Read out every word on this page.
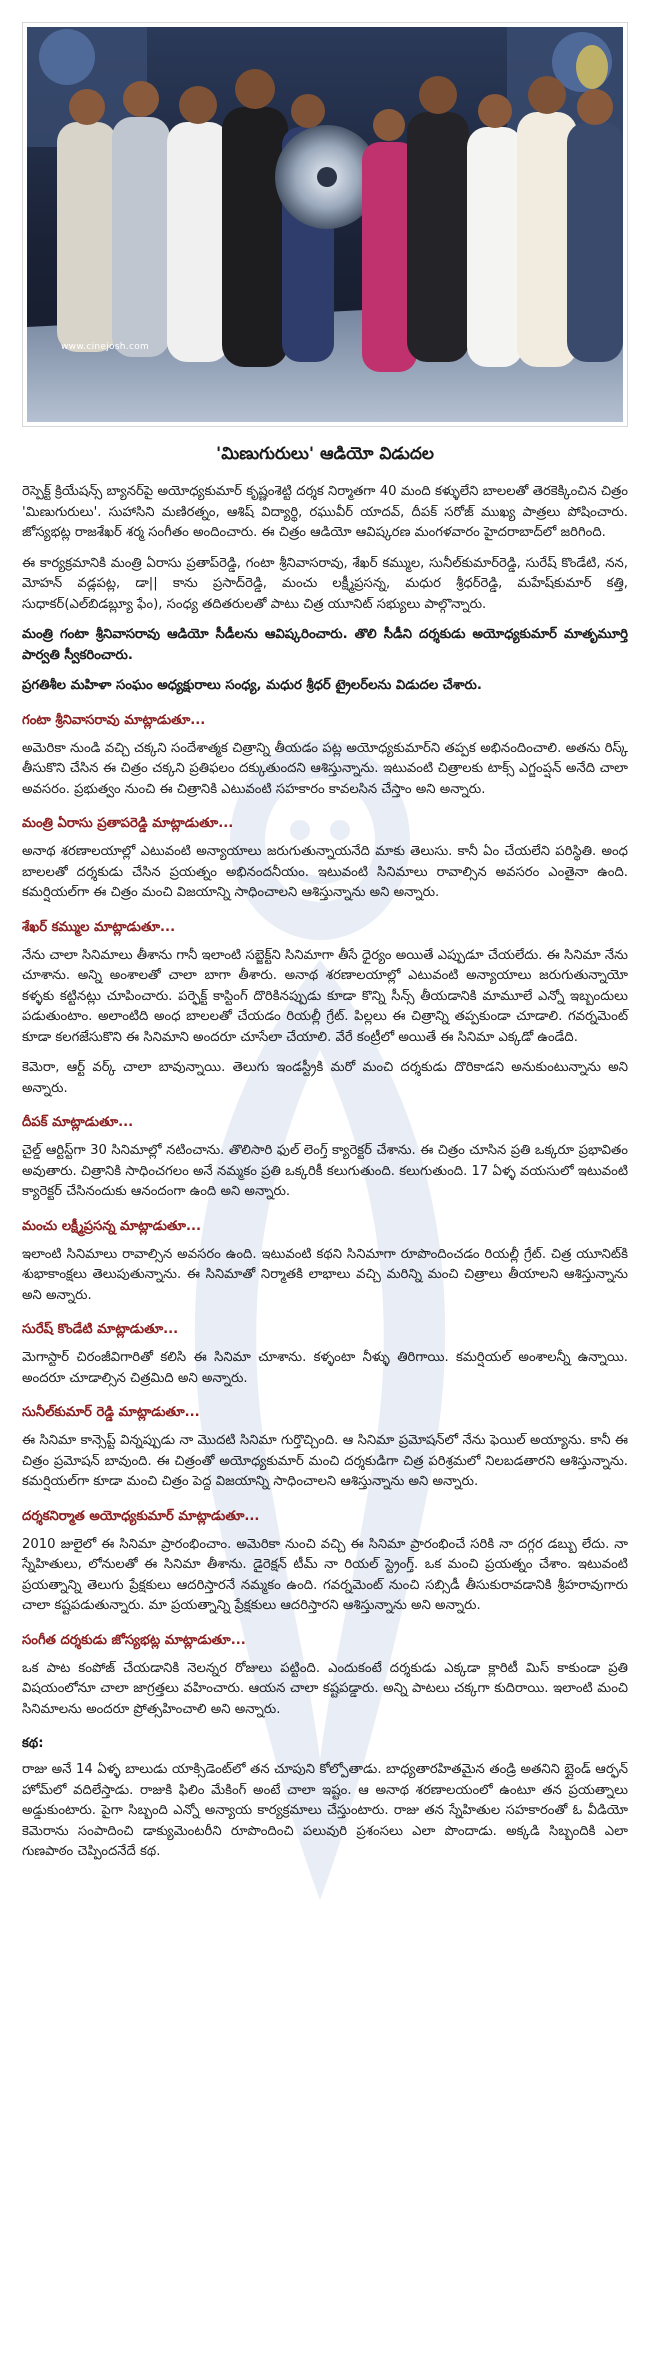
www.cinejosh.com
'మిణుగురులు' ఆడియో విడుదల

రెస్పెక్ట్‌ క్రియేషన్స్‌ బ్యానర్‌పై అయోధ్యకుమార్‌ కృష్ణంశెట్టి దర్శక నిర్మాతగా 40 మంది కళ్ళులేని బాలలతో తెరకెక్కించిన చిత్రం 'మిణుగురులు'. సుహాసిని మణిరత్నం, ఆశిష్‌ విద్యార్థి, రఘువీర్‌ యాదవ్‌, దీపక్‌ సరోజ్‌ ముఖ్య పాత్రలు పోషించారు. జోస్యభట్ల రాజశేఖర్‌ శర్మ సంగీతం అందించారు. ఈ చిత్రం ఆడియో ఆవిష్కరణ మంగళవారం హైదరాబాద్‌లో జరిగింది.

ఈ కార్యక్రమానికి మంత్రి ఏరాసు ప్రతాప్‌రెడ్డి, గంటా శ్రీనివాసరావు, శేఖర్‌ కమ్ముల, సునీల్‌కుమార్‌రెడ్డి, సురేష్‌ కొండేటి, నన, మోహన్‌ వడ్లపట్ల, డా|| కాను ప్రసాద్‌రెడ్డి, మంచు లక్ష్మీప్రసన్న, మధుర శ్రీధర్‌రెడ్డి, మహేష్‌కుమార్‌ కత్తి, సుధాకర్‌(ఎల్‌బిడబ్ల్యూ ఫేం), సంధ్య తదితరులతో పాటు చిత్ర యూనిట్‌ సభ్యులు పాల్గొన్నారు.

మంత్రి గంటా శ్రీనివాసరావు ఆడియో సీడీలను ఆవిష్కరించారు. తొలి సీడీని దర్శకుడు అయోధ్యకుమార్‌ మాతృమూర్తి పార్వతి స్వీకరించారు.

ప్రగతిశీల మహిళా సంఘం అధ్యక్షురాలు సంధ్య, మధుర శ్రీధర్‌ ట్రైలర్‌లను విడుదల చేశారు.

గంటా శ్రీనివాసరావు మాట్లాడుతూ...

అమెరికా నుండి వచ్చి చక్కని సందేశాత్మక చిత్రాన్ని తీయడం పట్ల అయోధ్యకుమార్‌ని తప్పక అభినందించాలి. అతను రిస్క్‌ తీసుకొని చేసిన ఈ చిత్రం చక్కని ప్రతిఫలం దక్కుతుందని ఆశిస్తున్నాను. ఇటువంటి చిత్రాలకు టాక్స్‌ ఎగ్జంప్షన్‌ అనేది చాలా అవసరం. ప్రభుత్వం నుంచి ఈ చిత్రానికి ఎటువంటి సహకారం కావలసిన చేస్తాం అని అన్నారు.

మంత్రి ఏరాసు ప్రతాపరెడ్డి మాట్లాడుతూ...

అనాథ శరణాలయాల్లో ఎటువంటి అన్యాయాలు జరుగుతున్నాయనేది మాకు తెలుసు. కానీ ఏం చేయలేని పరిస్థితి. అంధ బాలలతో దర్శకుడు చేసిన ప్రయత్నం అభినందనీయం. ఇటువంటి సినిమాలు రావాల్సిన అవసరం ఎంతైనా ఉంది. కమర్షియల్‌గా ఈ చిత్రం మంచి విజయాన్ని సాధించాలని ఆశిస్తున్నాను అని అన్నారు.

శేఖర్‌ కమ్ముల మాట్లాడుతూ...

నేను చాలా సినిమాలు తీశాను గానీ ఇలాంటి సబ్జెక్ట్‌ని సినిమాగా తీసే ధైర్యం అయితే ఎప్పుడూ చేయలేదు. ఈ సినిమా నేను చూశాను. అన్ని అంశాలతో చాలా బాగా తీశారు. అనాథ శరణాలయాల్లో ఎటువంటి అన్యాయాలు జరుగుతున్నాయో కళ్ళకు కట్టినట్లు చూపించారు. పర్ఫెక్ట్‌ కాస్టింగ్‌ దొరికినప్పుడు కూడా కొన్ని సీన్స్‌ తీయడానికి మామూలే ఎన్నో ఇబ్బందులు పడుతుంటాం. అలాంటిది అంధ బాలలతో చేయడం రియల్లీ గ్రేట్‌. పిల్లలు ఈ చిత్రాన్ని తప్పకుండా చూడాలి. గవర్నమెంట్‌ కూడా కలగజేసుకొని ఈ సినిమాని అందరూ చూసేలా చేయాలి. వేరే కంట్రీలో అయితే ఈ సినిమా ఎక్కడో ఉండేది.

కెమెరా, ఆర్ట్‌ వర్క్‌ చాలా బావున్నాయి. తెలుగు ఇండస్ట్రీకి మరో మంచి దర్శకుడు దొరికాడని అనుకుంటున్నాను అని అన్నారు.

దీపక్‌ మాట్లాడుతూ...

చైల్డ్‌ ఆర్టిస్ట్‌గా 30 సినిమాల్లో నటించాను. తొలిసారి ఫుల్‌ లెంగ్త్‌ క్యారెక్టర్‌ చేశాను. ఈ చిత్రం చూసిన ప్రతి ఒక్కరూ ప్రభావితం అవుతారు. చిత్రానికి సాధించగలం అనే నమ్మకం ప్రతి ఒక్కరికీ కలుగుతుంది. కలుగుతుంది. 17 ఏళ్ళ వయసులో ఇటువంటి క్యారెక్టర్‌ చేసినందుకు ఆనందంగా ఉంది అని అన్నారు.

మంచు లక్ష్మీప్రసన్న మాట్లాడుతూ...

ఇలాంటి సినిమాలు రావాల్సిన అవసరం ఉంది. ఇటువంటి కథని సినిమాగా రూపొందించడం రియల్లీ గ్రేట్‌. చిత్ర యూనిట్‌కి శుభాకాంక్షలు తెలుపుతున్నాను. ఈ సినిమాతో నిర్మాతకి లాభాలు వచ్చి మరిన్ని మంచి చిత్రాలు తీయాలని ఆశిస్తున్నాను అని అన్నారు.

సురేష్‌ కొండేటి మాట్లాడుతూ...

మెగాస్టార్‌ చిరంజీవిగారితో కలిసి ఈ సినిమా చూశాను. కళ్ళంటా నీళ్ళు తిరిగాయి. కమర్షియల్‌ అంశాలన్నీ ఉన్నాయి. అందరూ చూడాల్సిన చిత్రమిది అని అన్నారు.

సునీల్‌కుమార్‌ రెడ్డి మాట్లాడుతూ...

ఈ సినిమా కాన్సెప్ట్‌ విన్నప్పుడు నా మొదటి సినిమా గుర్తొచ్చింది. ఆ సినిమా ప్రమోషన్‌లో నేను ఫెయిల్‌ అయ్యాను. కానీ ఈ చిత్రం ప్రమోషన్‌ బావుంది. ఈ చిత్రంతో అయోధ్యకుమార్‌ మంచి దర్శకుడిగా చిత్ర పరిశ్రమలో నిలబడతారని ఆశిస్తున్నాను. కమర్షియల్‌గా కూడా మంచి చిత్రం పెద్ద విజయాన్ని సాధించాలని ఆశిస్తున్నాను అని అన్నారు.

దర్శకనిర్మాత అయోధ్యకుమార్‌ మాట్లాడుతూ...

2010 జులైలో ఈ సినిమా ప్రారంభించాం. అమెరికా నుంచి వచ్చి ఈ సినిమా ప్రారంభించే సరికి నా దగ్గర డబ్బు లేదు. నా స్నేహితులు, లోనులతో ఈ సినిమా తీశాను. డైరెక్షన్‌ టీమ్‌ నా రియల్‌ స్ట్రెంగ్త్‌. ఒక మంచి ప్రయత్నం చేశాం. ఇటువంటి ప్రయత్నాన్ని తెలుగు ప్రేక్షకులు ఆదరిస్తారనే నమ్మకం ఉంది. గవర్నమెంట్‌ నుంచి సబ్సిడీ తీసుకురావడానికి శ్రీహరావుగారు చాలా కష్టపడుతున్నారు. మా ప్రయత్నాన్ని ప్రేక్షకులు ఆదరిస్తారని ఆశిస్తున్నాను అని అన్నారు.

సంగీత దర్శకుడు జోస్యభట్ల మాట్లాడుతూ...

ఒక పాట కంపోజ్‌ చేయడానికి నెలన్నర రోజులు పట్టింది. ఎందుకంటే దర్శకుడు ఎక్కడా క్లారిటీ మిస్‌ కాకుండా ప్రతి విషయంలోనూ చాలా జాగ్రత్తలు వహించారు. ఆయన చాలా కష్టపడ్డారు. అన్ని పాటలు చక్కగా కుదిరాయి. ఇలాంటి మంచి సినిమాలను అందరూ ప్రోత్సహించాలి అని అన్నారు.

కథ:

రాజు అనే 14 ఏళ్ళ బాలుడు యాక్సిడెంట్‌లో తన చూపుని కోల్పోతాడు. బాధ్యతారహితమైన తండ్రి అతనిని బ్లైండ్‌ ఆర్ఫన్‌ హోమ్‌లో వదిలేస్తాడు. రాజుకి ఫిలిం మేకింగ్‌ అంటే చాలా ఇష్టం. ఆ అనాథ శరణాలయంలో ఉంటూ తన ప్రయత్నాలు అడ్డుకుంటారు. పైగా సిబ్బంది ఎన్నో అన్యాయ కార్యక్రమాలు చేస్తుంటారు. రాజు తన స్నేహితుల సహకారంతో ఓ వీడియో కెమెరాను సంపాదించి డాక్యుమెంటరీని రూపొందించి పలువురి ప్రశంసలు ఎలా పొందాడు. అక్కడి సిబ్బందికి ఎలా గుణపాఠం చెప్పిందనేదే కథ.
